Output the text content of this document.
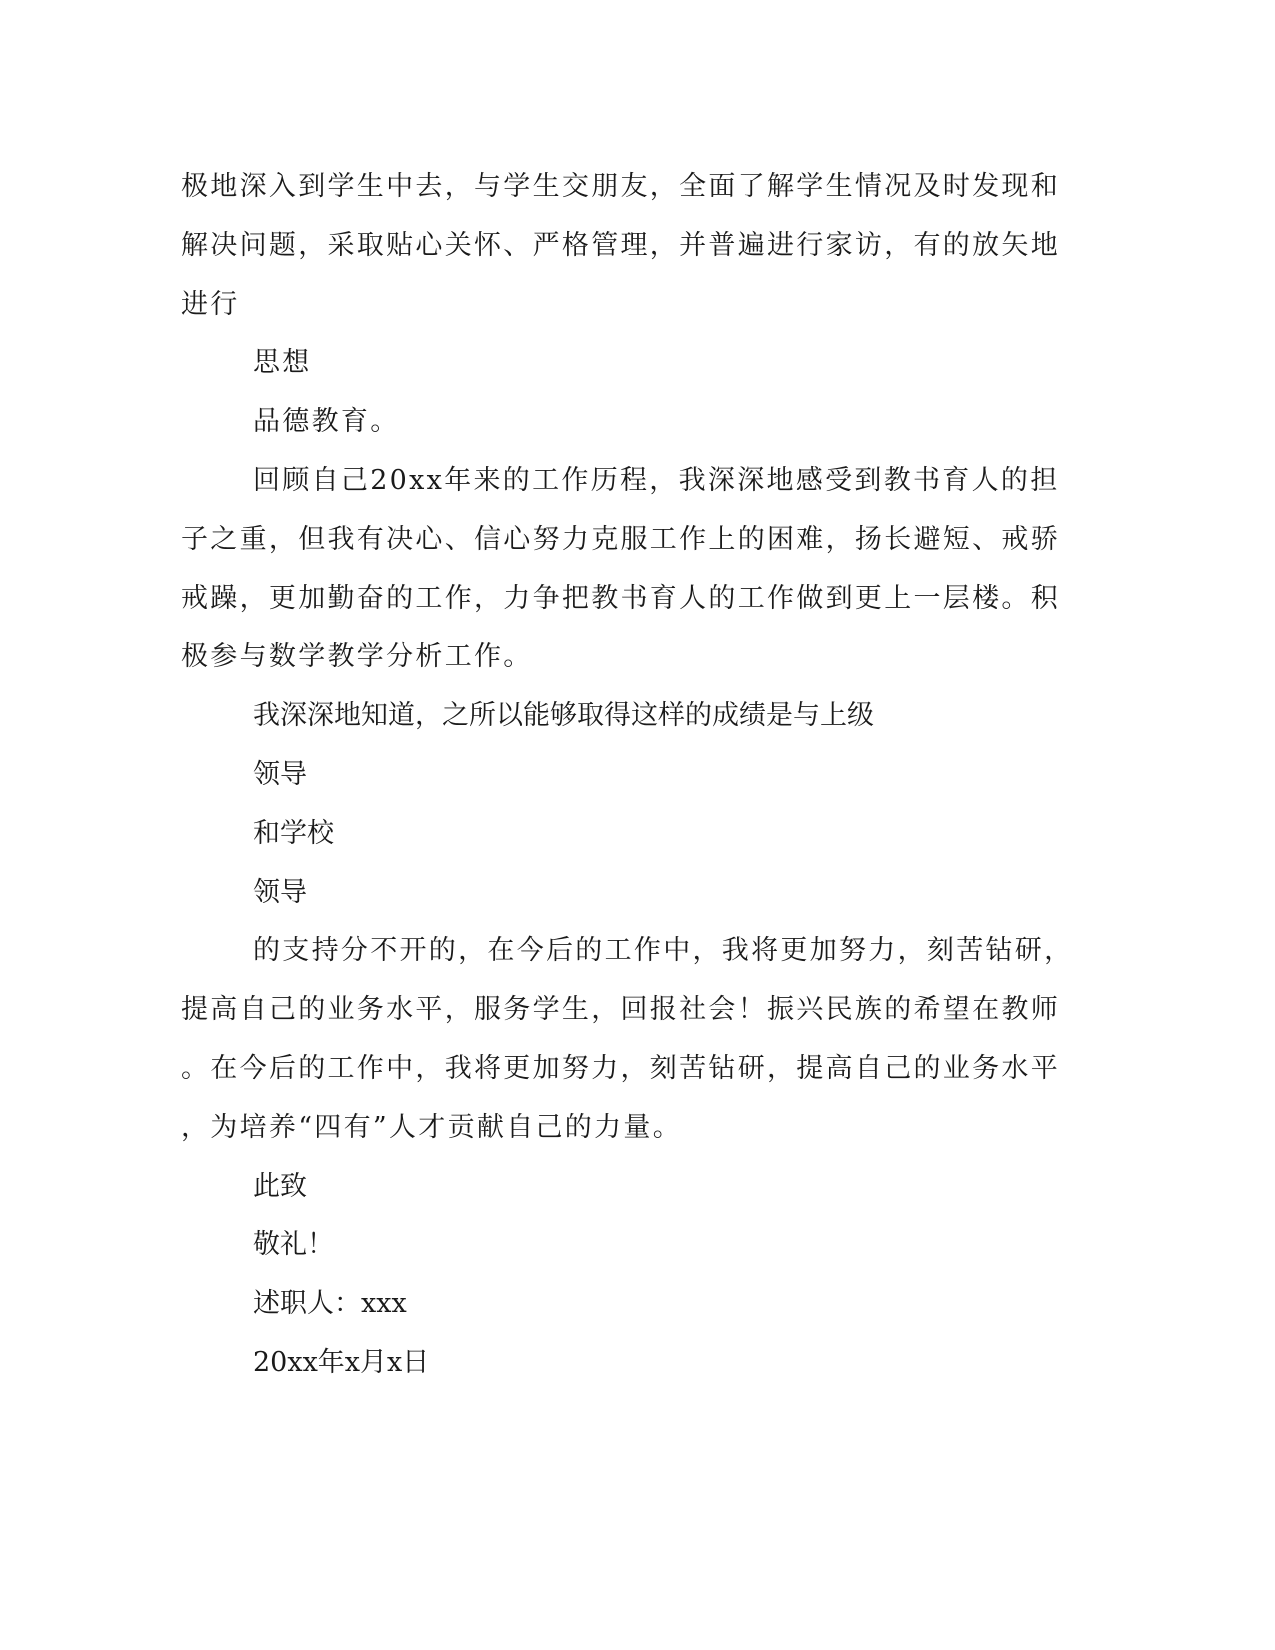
极地深入到学生中去，与学生交朋友，全面了解学生情况及时发现和

解决问题，采取贴心关怀、严格管理，并普遍进行家访，有的放矢地

进行

思想

品德教育。

回顾自己20xx年来的工作历程，我深深地感受到教书育人的担

子之重，但我有决心、信心努力克服工作上的困难，扬长避短、戒骄

戒躁，更加勤奋的工作，力争把教书育人的工作做到更上一层楼。积

极参与数学教学分析工作。

我深深地知道，之所以能够取得这样的成绩是与上级

领导

和学校

领导

的支持分不开的，在今后的工作中，我将更加努力，刻苦钻研，

提高自己的业务水平，服务学生，回报社会！振兴民族的希望在教师

。在今后的工作中，我将更加努力，刻苦钻研，提高自己的业务水平

，为培养“四有”人才贡献自己的力量。

此致

敬礼！

述职人：xxx

20xx年x月x日
